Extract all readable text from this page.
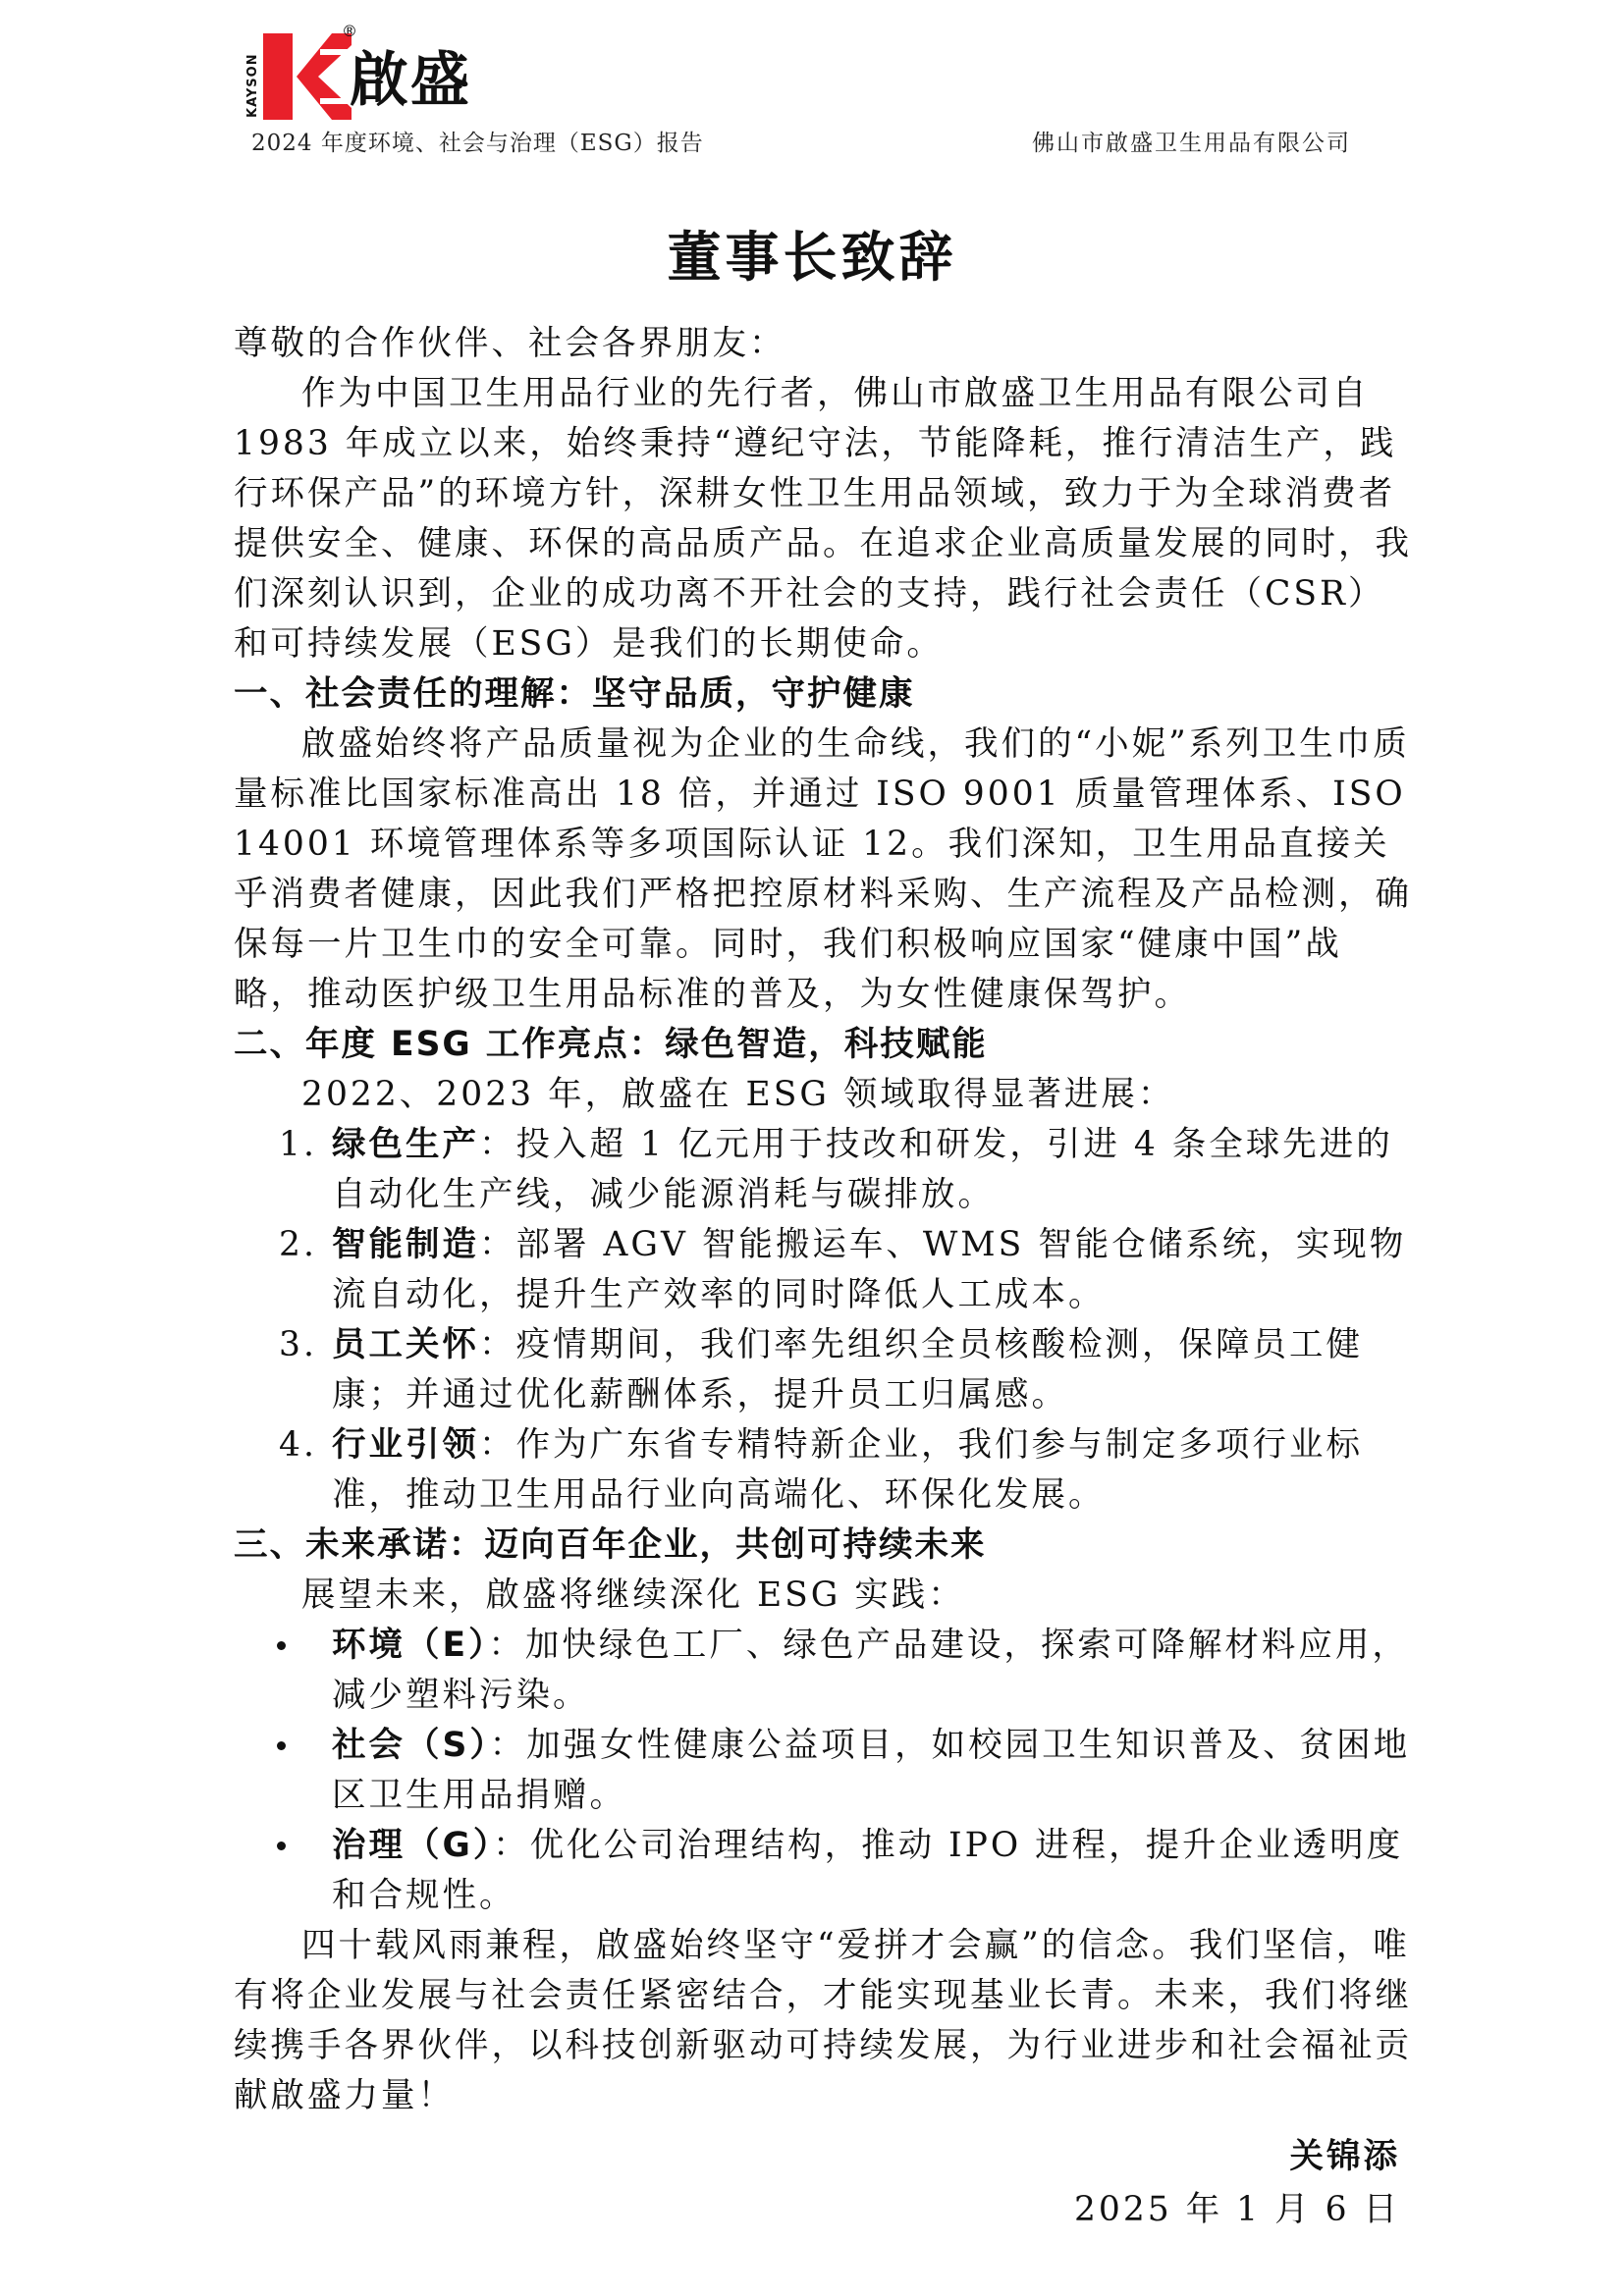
KAYSON
®
啟盛
2024 年度环境、社会与治理（ESG）报告	佛山市啟盛卫生用品有限公司
董事长致辞

尊敬的合作伙伴、社会各界朋友：

作为中国卫生用品行业的先行者，佛山市啟盛卫生用品有限公司自 1983 年成立以来，始终秉持“遵纪守法，节能降耗，推行清洁生产，践行环保产品”的环境方针，深耕女性卫生用品领域，致力于为全球消费者提供安全、健康、环保的高品质产品。在追求企业高质量发展的同时，我们深刻认识到，企业的成功离不开社会的支持，践行社会责任（CSR）和可持续发展（ESG）是我们的长期使命。

一、社会责任的理解：坚守品质，守护健康

啟盛始终将产品质量视为企业的生命线，我们的“小妮”系列卫生巾质量标准比国家标准高出 18 倍，并通过 ISO 9001 质量管理体系、ISO 14001 环境管理体系等多项国际认证 12。我们深知，卫生用品直接关乎消费者健康，因此我们严格把控原材料采购、生产流程及产品检测，确保每一片卫生巾的安全可靠。同时，我们积极响应国家“健康中国”战略，推动医护级卫生用品标准的普及，为女性健康保驾护。

二、年度 ESG 工作亮点：绿色智造，科技赋能

2022、2023 年，啟盛在 ESG 领域取得显著进展：

1. 绿色生产：投入超 1 亿元用于技改和研发，引进 4 条全球先进的自动化生产线，减少能源消耗与碳排放。
2. 智能制造：部署 AGV 智能搬运车、WMS 智能仓储系统，实现物流自动化，提升生产效率的同时降低人工成本。
3. 员工关怀：疫情期间，我们率先组织全员核酸检测，保障员工健康；并通过优化薪酬体系，提升员工归属感。
4. 行业引领：作为广东省专精特新企业，我们参与制定多项行业标准，推动卫生用品行业向高端化、环保化发展。

三、未来承诺：迈向百年企业，共创可持续未来

展望未来，啟盛将继续深化 ESG 实践：

环境（E）：加快绿色工厂、绿色产品建设，探索可降解材料应用，减少塑料污染。
社会（S）：加强女性健康公益项目，如校园卫生知识普及、贫困地区卫生用品捐赠。
治理（G）：优化公司治理结构，推动 IPO 进程，提升企业透明度和合规性。

四十载风雨兼程，啟盛始终坚守“爱拼才会赢”的信念。我们坚信，唯有将企业发展与社会责任紧密结合，才能实现基业长青。未来，我们将继续携手各界伙伴，以科技创新驱动可持续发展，为行业进步和社会福祉贡献啟盛力量！

关锦添
2025 年 1 月 6 日
